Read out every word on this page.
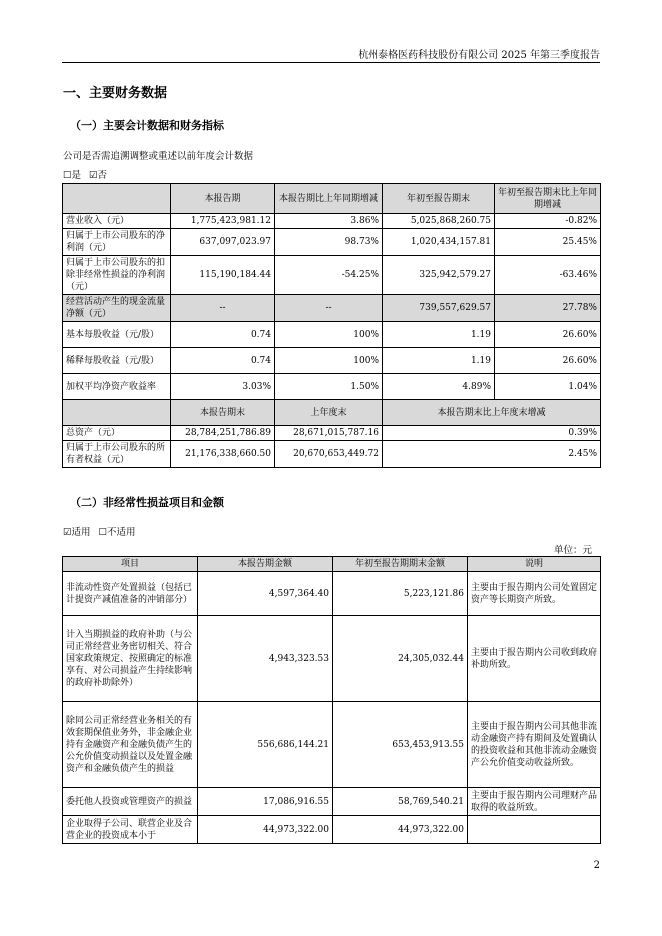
杭州泰格医药科技股份有限公司 2025 年第三季度报告
一、主要财务数据
（一）主要会计数据和财务指标
公司是否需追溯调整或重述以前年度会计数据
☐是 ☑否
	本报告期	本报告期比上年同期增减	年初至报告期末	年初至报告期末比上年同期增减
营业收入（元）	1,775,423,981.12	3.86%	5,025,868,260.75	-0.82%
归属于上市公司股东的净利润（元）	637,097,023.97	98.73%	1,020,434,157.81	25.45%
归属于上市公司股东的扣除非经常性损益的净利润（元）	115,190,184.44	-54.25%	325,942,579.27	-63.46%
经营活动产生的现金流量净额（元）	--	--	739,557,629.57	27.78%
基本每股收益（元/股）	0.74	100%	1.19	26.60%
稀释每股收益（元/股）	0.74	100%	1.19	26.60%
加权平均净资产收益率	3.03%	1.50%	4.89%	1.04%
	本报告期末	上年度末	本报告期末比上年度末增减	
总资产（元）	28,784,251,786.89	28,671,015,787.16	0.39%	
归属于上市公司股东的所有者权益（元）	21,176,338,660.50	20,670,653,449.72	2.45%	
（二）非经常性损益项目和金额
☑适用 ☐不适用
单位：元
项目	本报告期金额	年初至报告期期末金额	说明
非流动性资产处置损益（包括已计提资产减值准备的冲销部分）	4,597,364.40	5,223,121.86	主要由于报告期内公司处置固定资产等长期资产所致。
计入当期损益的政府补助（与公司正常经营业务密切相关、符合国家政策规定、按照确定的标准享有、对公司损益产生持续影响的政府补助除外）	4,943,323.53	24,305,032.44	主要由于报告期内公司收到政府补助所致。
除同公司正常经营业务相关的有效套期保值业务外，非金融企业持有金融资产和金融负债产生的公允价值变动损益以及处置金融资产和金融负债产生的损益	556,686,144.21	653,453,913.55	主要由于报告期内公司其他非流动金融资产持有期间及处置确认的投资收益和其他非流动金融资产公允价值变动收益所致。
委托他人投资或管理资产的损益	17,086,916.55	58,769,540.21	主要由于报告期内公司理财产品取得的收益所致。
企业取得子公司、联营企业及合营企业的投资成本小于	44,973,322.00	44,973,322.00	
2
